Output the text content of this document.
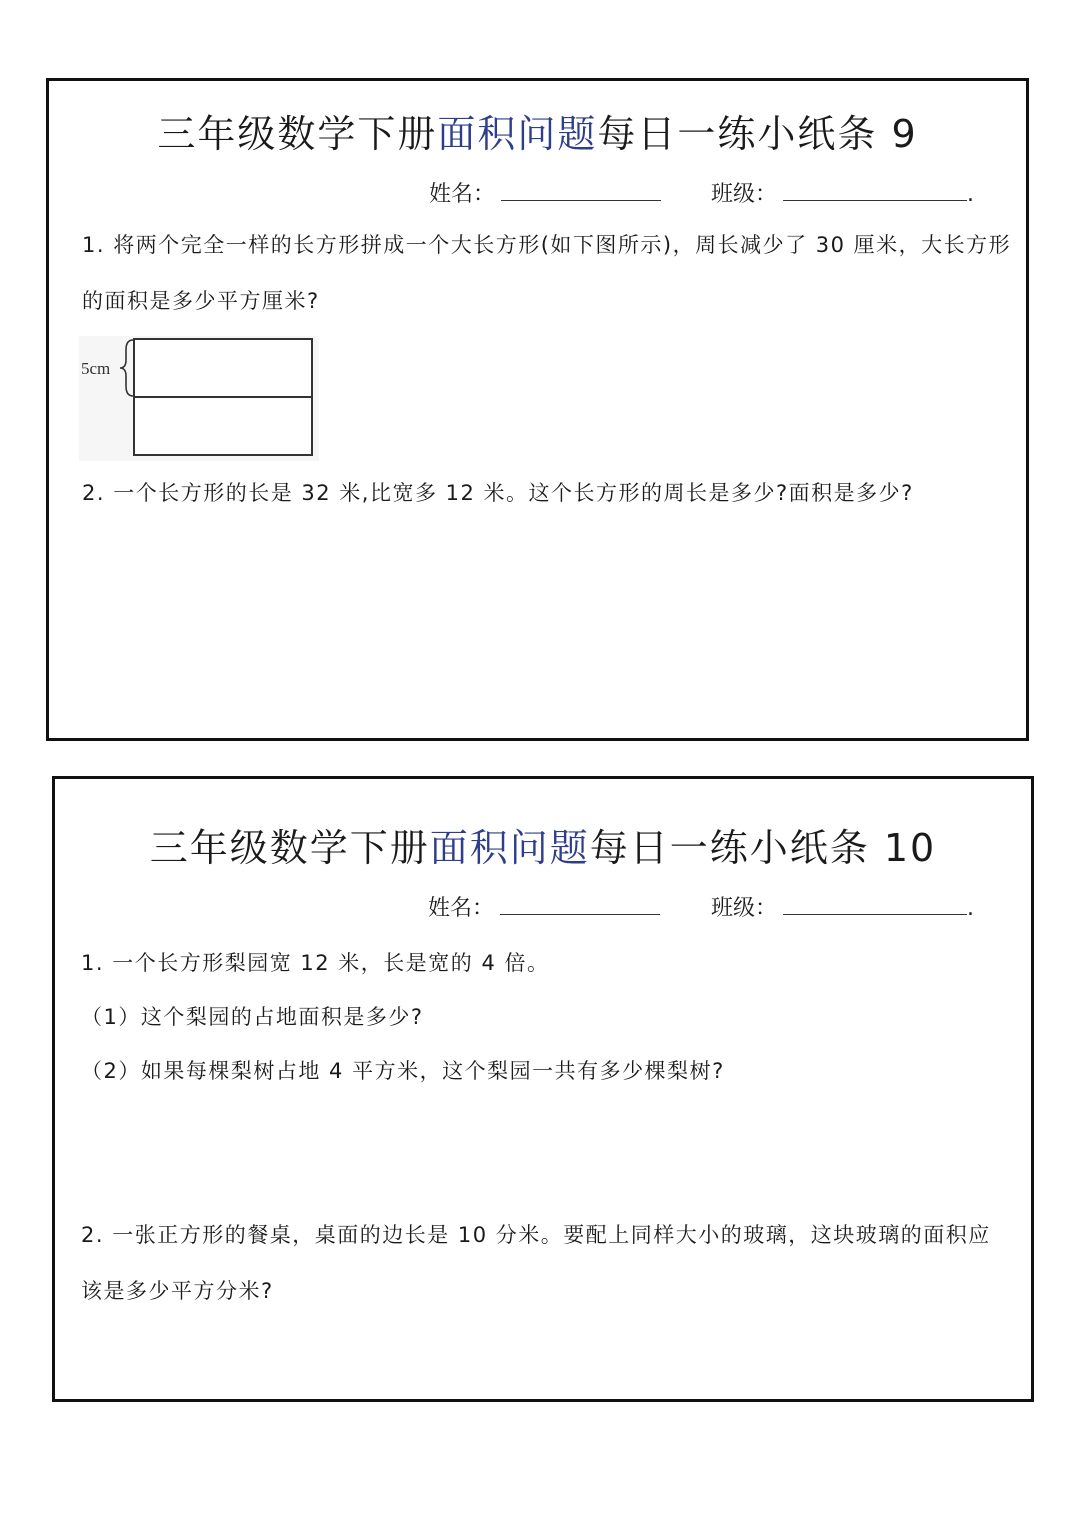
三年级数学下册面积问题每日一练小纸条 9
姓名：	班级：	.
1. 将两个完全一样的长方形拼成一个大长方形(如下图所示)，周长减少了 30 厘米，大长方形的面积是多少平方厘米?
5cm
2. 一个长方形的长是 32 米,比宽多 12 米。这个长方形的周长是多少?面积是多少?
三年级数学下册面积问题每日一练小纸条 10
姓名：	班级：	.
1. 一个长方形梨园宽 12 米，长是宽的 4 倍。
（1）这个梨园的占地面积是多少?
（2）如果每棵梨树占地 4 平方米，这个梨园一共有多少棵梨树?
2. 一张正方形的餐桌，桌面的边长是 10 分米。要配上同样大小的玻璃，这块玻璃的面积应该是多少平方分米?
